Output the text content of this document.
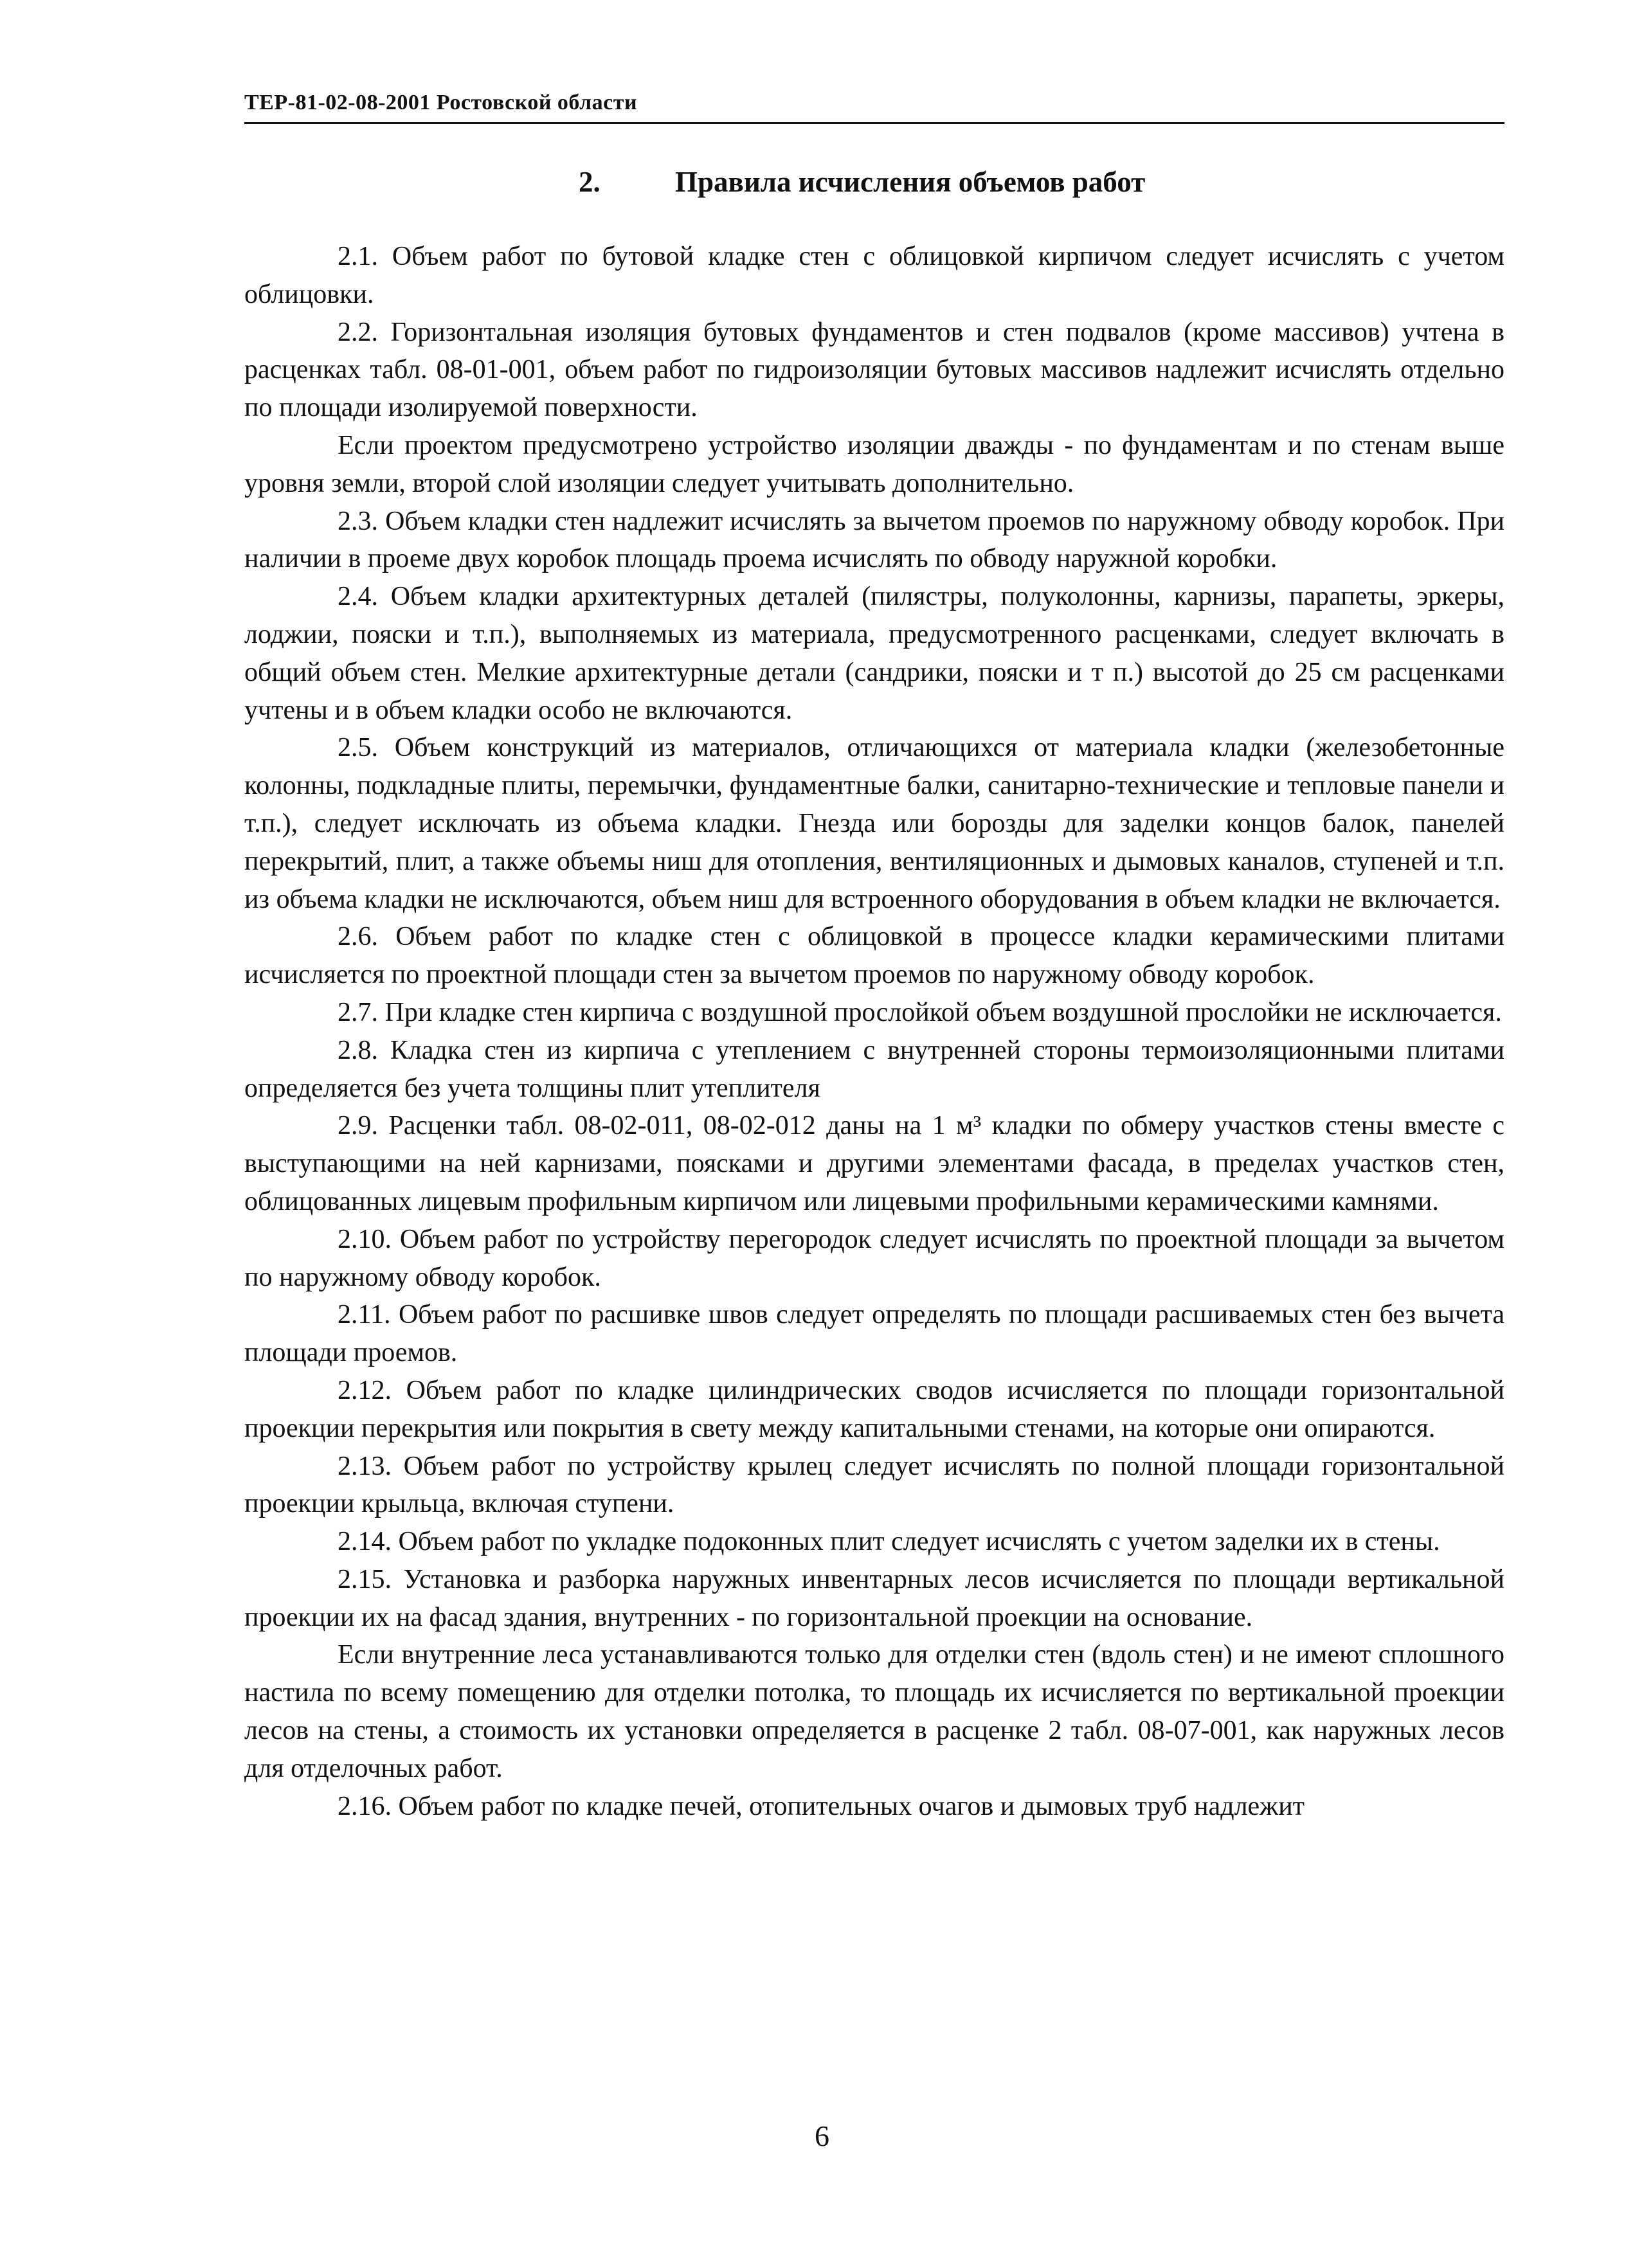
ТЕР-81-02-08-2001 Ростовской области
2.	Правила исчисления объемов работ

2.1. Объем работ по бутовой кладке стен с облицовкой кирпичом следует исчислять с учетом облицовки.

2.2. Горизонтальная изоляция бутовых фундаментов и стен подвалов (кроме массивов) учтена в расценках табл. 08-01-001, объем работ по гидроизоляции бутовых массивов надлежит исчислять отдельно по площади изолируемой поверхности.

Если проектом предусмотрено устройство изоляции дважды - по фундаментам и по стенам выше уровня земли, второй слой изоляции следует учитывать дополнительно.

2.3. Объем кладки стен надлежит исчислять за вычетом проемов по наружному обводу коробок. При наличии в проеме двух коробок площадь проема исчислять по обводу наружной коробки.

2.4. Объем кладки архитектурных деталей (пилястры, полуколонны, карнизы, парапеты, эркеры, лоджии, пояски и т.п.), выполняемых из материала, предусмотренного расценками, следует включать в общий объем стен. Мелкие архитектурные детали (сандрики, пояски и т п.) высотой до 25 см расценками учтены и в объем кладки особо не включаются.

2.5. Объем конструкций из материалов, отличающихся от материала кладки (железобетонные колонны, подкладные плиты, перемычки, фундаментные балки, санитарно-технические и тепловые панели и т.п.), следует исключать из объема кладки. Гнезда или борозды для заделки концов балок, панелей перекрытий, плит, а также объемы ниш для отопления, вентиляционных и дымовых каналов, ступеней и т.п. из объема кладки не исключаются, объем ниш для встроенного оборудования в объем кладки не включается.

2.6. Объем работ по кладке стен с облицовкой в процессе кладки керамическими плитами исчисляется по проектной площади стен за вычетом проемов по наружному обводу коробок.

2.7. При кладке стен кирпича с воздушной прослойкой объем воздушной прослойки не исключается.

2.8. Кладка стен из кирпича с утеплением с внутренней стороны термоизоляционными плитами определяется без учета толщины плит утеплителя

2.9. Расценки табл. 08-02-011, 08-02-012 даны на 1 м³ кладки по обмеру участков стены вместе с выступающими на ней карнизами, поясками и другими элементами фасада, в пределах участков стен, облицованных лицевым профильным кирпичом или лицевыми профильными керамическими камнями.

2.10. Объем работ по устройству перегородок следует исчислять по проектной площади за вычетом по наружному обводу коробок.

2.11. Объем работ по расшивке швов следует определять по площади расшиваемых стен без вычета площади проемов.

2.12. Объем работ по кладке цилиндрических сводов исчисляется по площади горизонтальной проекции перекрытия или покрытия в свету между капитальными стенами, на которые они опираются.

2.13. Объем работ по устройству крылец следует исчислять по полной площади горизонтальной проекции крыльца, включая ступени.

2.14. Объем работ по укладке подоконных плит следует исчислять с учетом заделки их в стены.

2.15. Установка и разборка наружных инвентарных лесов исчисляется по площади вертикальной проекции их на фасад здания, внутренних - по горизонтальной проекции на основание.

Если внутренние леса устанавливаются только для отделки стен (вдоль стен) и не имеют сплошного настила по всему помещению для отделки потолка, то площадь их исчисляется по вертикальной проекции лесов на стены, а стоимость их установки определяется в расценке 2 табл. 08-07-001, как наружных лесов для отделочных работ.

2.16. Объем работ по кладке печей, отопительных очагов и дымовых труб надлежит

6
